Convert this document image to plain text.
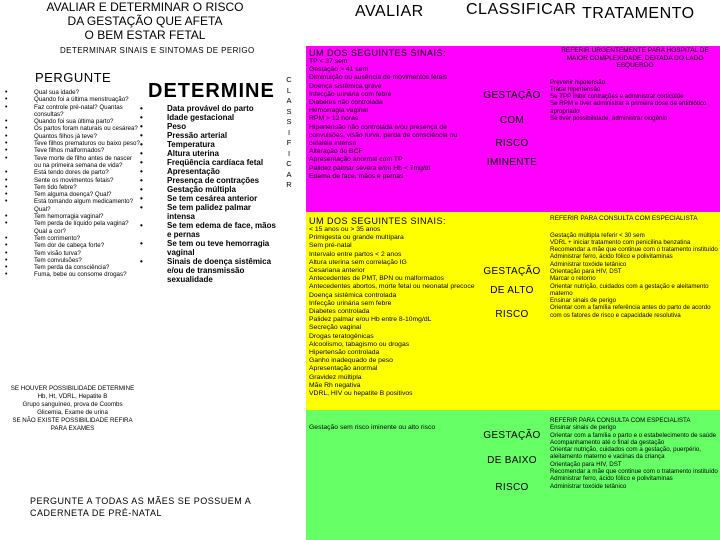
AVALIAR E DETERMINAR O RISCO
DA GESTAÇÃO QUE AFETA
O BEM ESTAR FETAL
AVALIAR	CLASSIFICAR TRATAMENTO
DETERMINAR SINAIS E SINTOMAS DE PERIGO
PERGUNTE
DETERMINE
• Qual sua idade?
• Quando foi a última menstruação?
• Faz controle pré-natal? Quantas consultas?
• Quando foi sua última parto?
• Os partos foram naturais ou cesárea?
• Quantos filhos já teve?
• Teve filhos prematuros ou baixo peso?
• Teve filhos malformados?
• Teve morte de filho antes de nascer ou na primeira semana de vida?
• Está tendo dores de parto?
• Sente os movimentos fetais?
• Tem tido febre?
• Tem alguma doença? Qual?
• Está tomando algum medicamento? Qual?
• Tem hemorragia vaginal?
• Tem perda de líquido pela vagina? Qual a cor?
• Tem corrimento?
• Tem dor de cabeça forte?
• Tem visão turva?
• Tem convulsões?
• Tem perda da consciência?
• Fuma, bebe ou consome drogas?
SE HOUVER POSSIBILIDADE DETERMINE
Hb, Ht, VDRL, Hepatite B
Grupo sanguíneo, prova de Coombs
Glicemia, Exame de urina
SE NÃO EXISTE POSSIBILIDADE REFIRA PARA EXAMES
• Data provável do parto
• Idade gestacional
• Peso
• Pressão arterial
• Temperatura
• Altura uterina
• Freqüência cardíaca fetal
• Apresentação
• Presença de contrações
• Gestação múltipla
• Se tem cesárea anterior
• Se tem palidez palmar intensa
• Se tem edema de face, mãos e pernas
• Se tem ou teve hemorragia vaginal
• Sinais de doença sistêmica e/ou de transmissão sexualidade
PERGUNTE A TODAS AS MÃES SE POSSUEM A
CADERNETA DE PRÉ-NATAL
C
L
A
S
S
I
F
I
C
A
R
UM DOS SEGUINTES SINAIS:
TP < 37 sem
Gestação > 41 sem
Diminuição ou ausência de movimentos fetais
Doença sistêmica grave
Infecção urinária com febre
Diabetes não controlada
Hemorragia vaginal
RPM > 12 horas
Hipertensão não controlada e/ou presença de convulsões, visão turva, perda de consciência ou cefaléia intensa
Alteração do BCF
Apresentação anormal com TP
Palidez palmar severa e/ou Hb < 7mg/dl
Edema de face, mãos e pernas
GESTAÇÃO
COM
RISCO
IMINENTE
REFERIR URGENTEMENTE PARA HOSPITAL DE MAIOR COMPLEXIDADE, DEITADA DO LADO ESQUERDO
Prevenir hipotensão
Tratar hipertensão
Se TPP inibir contrações e administrar corticóide
Se RPM e tiver administrar a primeira dose de antibiótico apropriado
Se tiver possibilidade, administrar oxigênio
UM DOS SEGUINTES SINAIS:
< 15 anos ou > 35 anos
Primigesta ou grande multípara
Sem pré-natal
Intervalo entre partos < 2 anos
Altura uterina sem correlação IG
Cesariana anterior
Antecedentes de PMT, BPN ou malformados
Antecedentes abortos, morte fetal ou neonatal precoce
Doença sistêmica controlada
Infecção urinária sem febre
Diabetes controlada
Palidez palmar e/ou Hb entre 8-10mg/dL
Secreção vaginal
Drogas teratogênicas
Alcoolismo, tabagismo ou drogas
Hipertensão controlada
Ganho inadequado de peso
Apresentação anormal
Gravidez múltipla
Mãe Rh negativa
VDRL, HIV ou hepatite B positivos
GESTAÇÃO
DE ALTO
RISCO
REFERIR PARA CONSULTA COM ESPECIALISTA
Gestação múltipla referir < 30 sem
VDRL + iniciar tratamento com penicilina benzatina
Recomendar a mãe que continue com o tratamento instituído
Administrar ferro, ácido fólico e polivitaminas
Administrar toxóide tetânico
Orientação para HIV, DST
Marcar o retorno
Orientar nutrição, cuidados com a gestação e aleitamento materno
Ensinar sinais de perigo
Orientar com a família referência antes do parto de acordo com os fatores de risco e capacidade resolutiva
Gestação sem risco iminente ou alto risco
GESTAÇÃO
DE BAIXO
RISCO
REFERIR PARA CONSULTA COM ESPECIALISTA
Ensinar sinais de perigo
Orientar com a família o parto e o estabelecimento de saúde
Acompanhamento até o final da gestação
Orientar nutrição, cuidados com a gestação, puerpério, aleitamento materno e vacinas da criança
Orientação para HIV, DST
Recomendar a mãe que continue com o tratamento instituído
Administrar ferro, ácido fólico e polivitaminas
Administrar toxóide tetânico
